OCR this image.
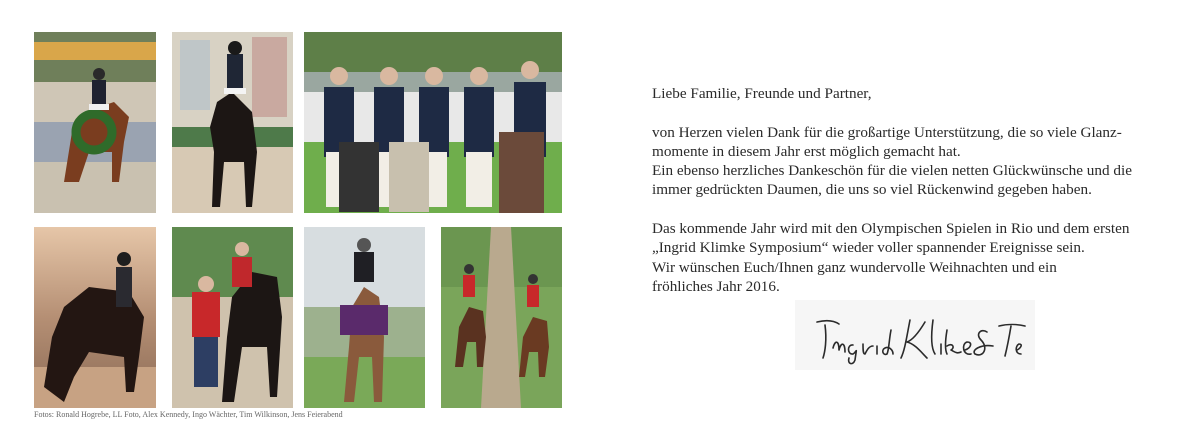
Fotos: Ronald Hogrebe, LL Foto, Alex Kennedy, Ingo Wächter, Tim Wilkinson, Jens Feierabend

Liebe Familie, Freunde und Partner,

von Herzen vielen Dank für die großartige Unterstützung, die so viele Glanz-

momente in diesem Jahr erst möglich gemacht hat.

Ein ebenso herzliches Dankeschön für die vielen netten Glückwünsche und die

immer gedrückten Daumen, die uns so viel Rückenwind gegeben haben.

Das kommende Jahr wird mit den Olympischen Spielen in Rio und dem ersten

„Ingrid Klimke Symposium“ wieder voller spannender Ereignisse sein.

Wir wünschen Euch/Ihnen ganz wundervolle Weihnachten und ein

fröhliches Jahr 2016.
